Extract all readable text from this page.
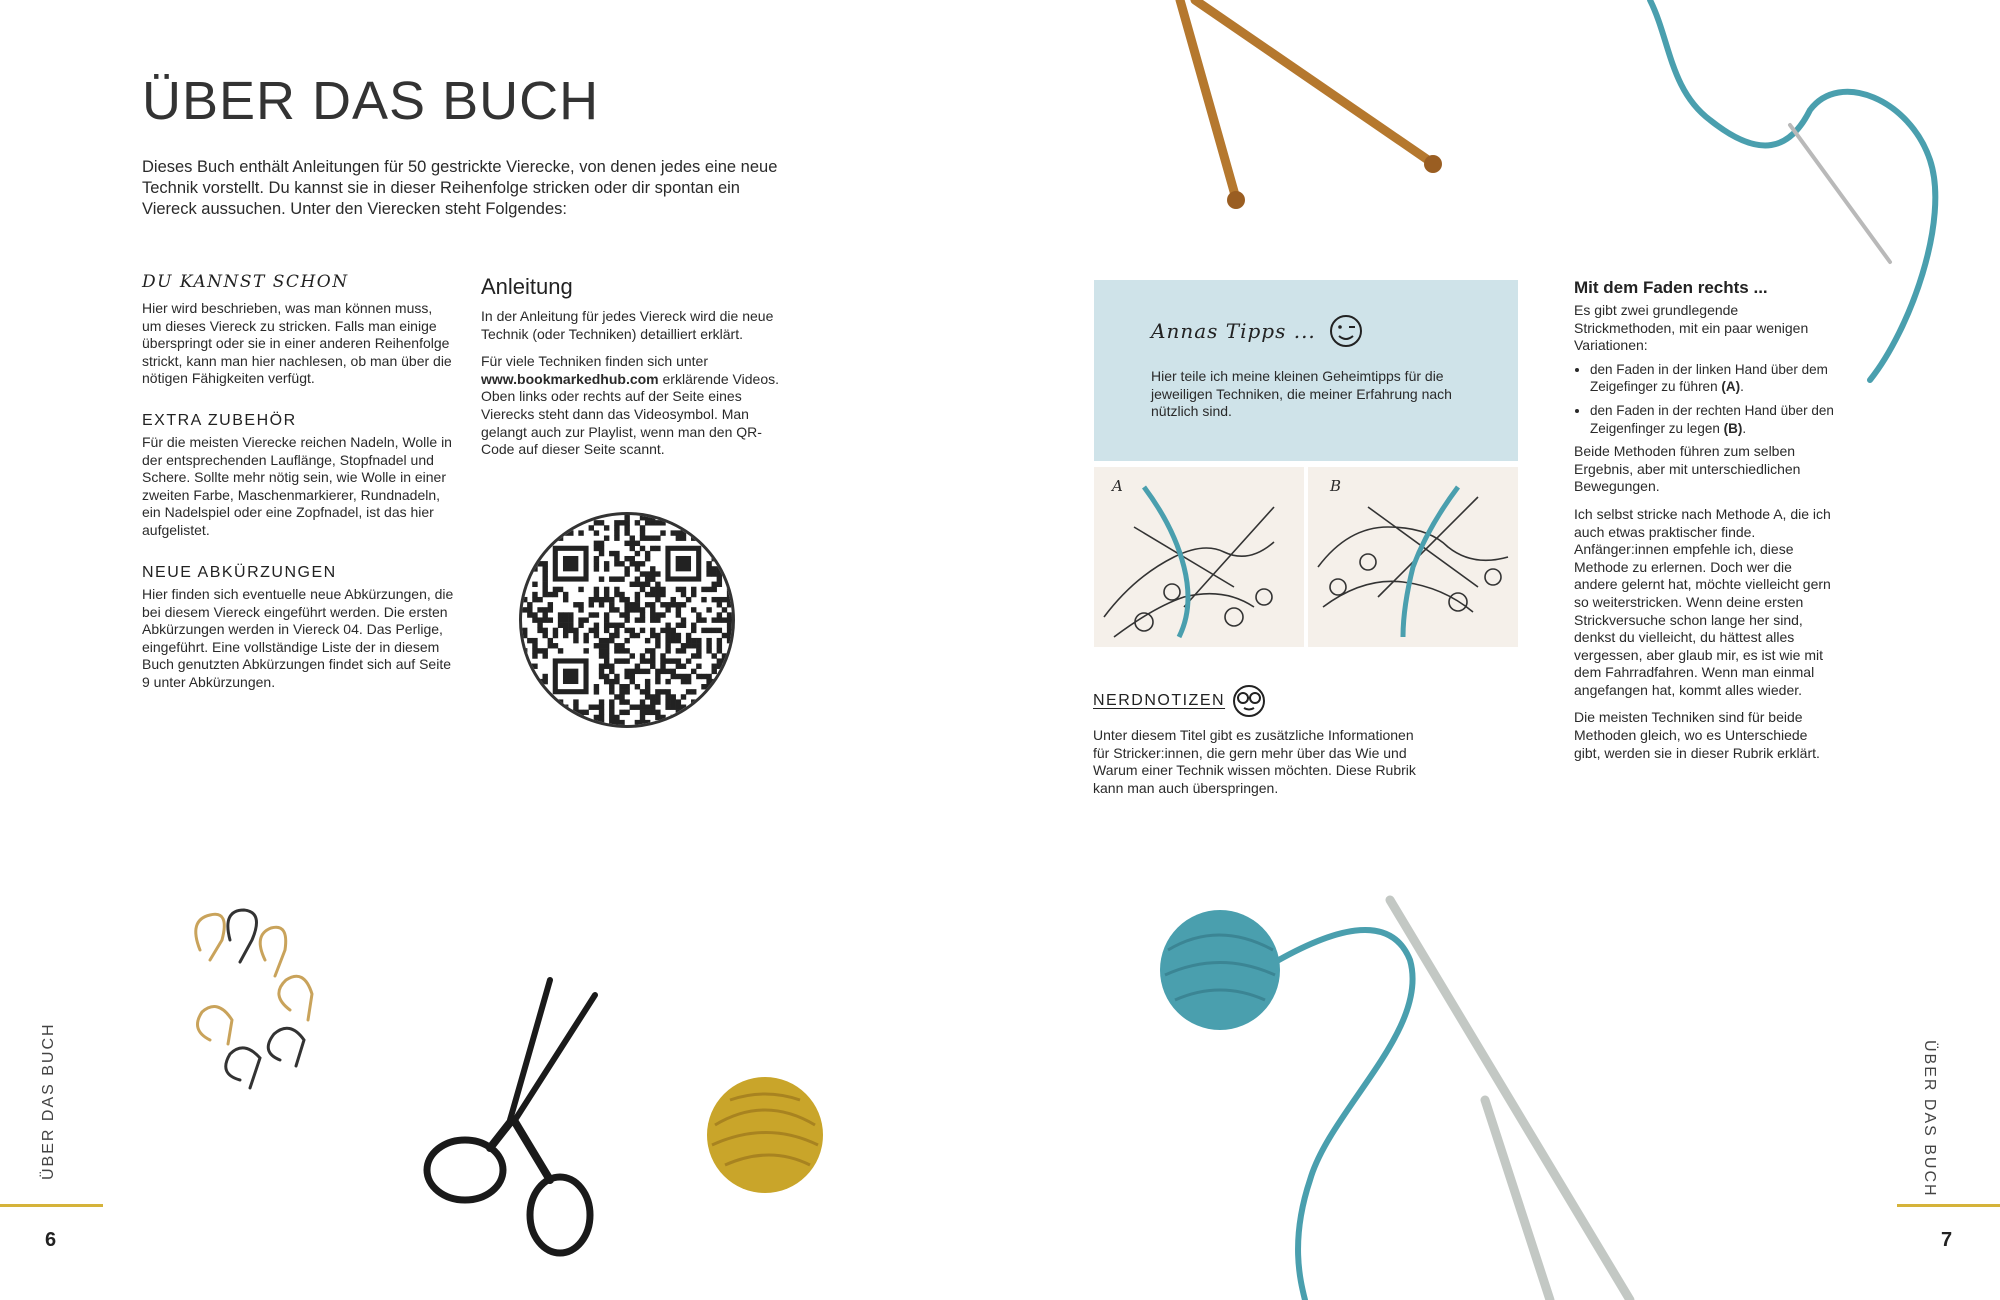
ÜBER DAS BUCH

Dieses Buch enthält Anleitungen für 50 gestrickte Vierecke, von denen jedes eine neue Technik vorstellt. Du kannst sie in dieser Reihenfolge stricken oder dir spontan ein Viereck aussuchen. Unter den Vierecken steht Folgendes:

DU KANNST SCHON

Hier wird beschrieben, was man können muss, um dieses Viereck zu stricken. Falls man einige überspringt oder sie in einer anderen Reihenfolge strickt, kann man hier nachlesen, ob man über die nötigen Fähigkeiten verfügt.

EXTRA ZUBEHÖR

Für die meisten Vierecke reichen Nadeln, Wolle in der entsprechenden Lauflänge, Stopfnadel und Schere. Sollte mehr nötig sein, wie Wolle in einer zweiten Farbe, Maschenmarkierer, Rundnadeln, ein Nadelspiel oder eine Zopfnadel, ist das hier aufgelistet.

NEUE ABKÜRZUNGEN

Hier finden sich eventuelle neue Abkürzungen, die bei diesem Viereck eingeführt werden. Die ersten Abkürzungen werden in Viereck 04. Das Perlige, eingeführt. Eine vollständige Liste der in diesem Buch genutzten Abkürzungen findet sich auf Seite 9 unter Abkürzungen.

Anleitung

In der Anleitung für jedes Viereck wird die neue Technik (oder Techniken) detailliert erklärt.

Für viele Techniken finden sich unter www.bookmarkedhub.com erklärende Videos. Oben links oder rechts auf der Seite eines Vierecks steht dann das Videosymbol. Man gelangt auch zur Playlist, wenn man den QR-Code auf dieser Seite scannt.

ÜBER DAS BUCH
6
Annas Tipps ...

Hier teile ich meine kleinen Geheimtipps für die jeweiligen Techniken, die meiner Erfahrung nach nützlich sind.

A	B
NERDNOTIZEN

Unter diesem Titel gibt es zusätzliche Informationen für Stricker:innen, die gern mehr über das Wie und Warum einer Technik wissen möchten. Diese Rubrik kann man auch überspringen.

Mit dem Faden rechts ...

Es gibt zwei grundlegende Strickmethoden, mit ein paar wenigen Variationen:

• den Faden in der linken Hand über dem Zeigefinger zu führen (A).
• den Faden in der rechten Hand über den Zeigenfinger zu legen (B).

Beide Methoden führen zum selben Ergebnis, aber mit unterschiedlichen Bewegungen.

Ich selbst stricke nach Methode A, die ich auch etwas praktischer finde. Anfänger:innen empfehle ich, diese Methode zu erlernen. Doch wer die andere gelernt hat, möchte vielleicht gern so weiterstricken. Wenn deine ersten Strickversuche schon lange her sind, denkst du vielleicht, du hättest alles vergessen, aber glaub mir, es ist wie mit dem Fahrradfahren. Wenn man einmal angefangen hat, kommt alles wieder.

Die meisten Techniken sind für beide Methoden gleich, wo es Unterschiede gibt, werden sie in dieser Rubrik erklärt.

ÜBER DAS BUCH
7
